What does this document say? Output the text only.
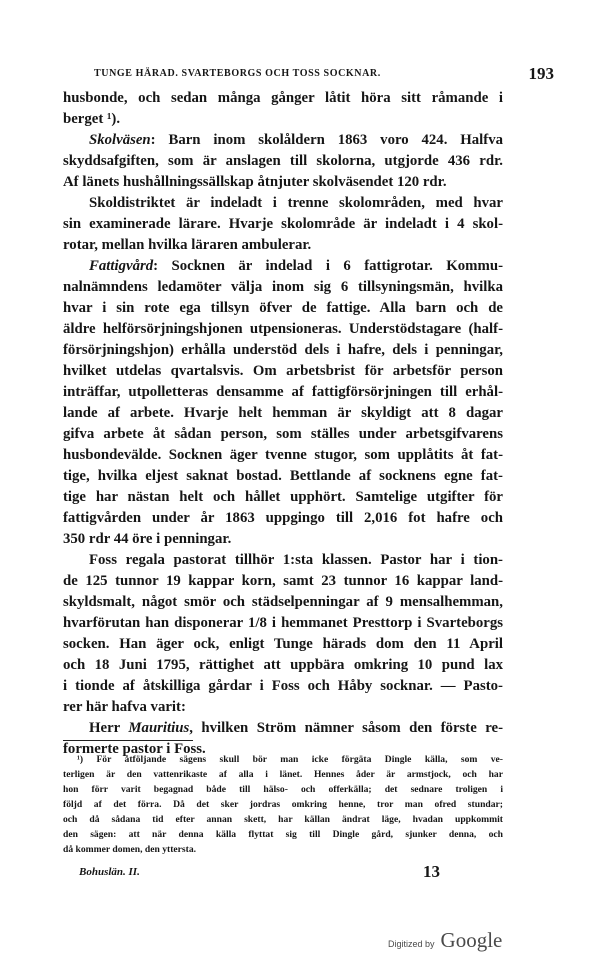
TUNGE HÄRAD. SVARTEBORGS OCH TOSS SOCKNAR.	193
husbonde, och sedan många gånger låtit höra sitt råmande i
berget ¹).
Skolväsen: Barn inom skolåldern 1863 voro 424. Halfva
skyddsafgiften, som är anslagen till skolorna, utgjorde 436 rdr.
Af länets hushållningssällskap åtnjuter skolväsendet 120 rdr.
Skoldistriktet är indeladt i trenne skolområden, med hvar
sin examinerade lärare. Hvarje skolområde är indeladt i 4 skol-
rotar, mellan hvilka läraren ambulerar.
Fattigvård: Socknen är indelad i 6 fattigrotar. Kommu-
nalnämndens ledamöter välja inom sig 6 tillsyningsmän, hvilka
hvar i sin rote ega tillsyn öfver de fattige. Alla barn och de
äldre helförsörjningshjonen utpensioneras. Understödstagare (half-
försörjningshjon) erhålla understöd dels i hafre, dels i penningar,
hvilket utdelas qvartalsvis. Om arbetsbrist för arbetsför person
inträffar, utpolletteras densamme af fattigförsörjningen till erhål-
lande af arbete. Hvarje helt hemman är skyldigt att 8 dagar
gifva arbete åt sådan person, som ställes under arbetsgifvarens
husbondevälde. Socknen äger tvenne stugor, som upplåtits åt fat-
tige, hvilka eljest saknat bostad. Bettlande af socknens egne fat-
tige har nästan helt och hållet upphört. Samtelige utgifter för
fattigvården under år 1863 uppgingo till 2,016 fot hafre och
350 rdr 44 öre i penningar.
Foss regala pastorat tillhör 1:sta klassen. Pastor har i tion-
de 125 tunnor 19 kappar korn, samt 23 tunnor 16 kappar land-
skyldsmalt, något smör och städselpenningar af 9 mensalhemman,
hvarförutan han disponerar 1/8 i hemmanet Presttorp i Svarteborgs
socken. Han äger ock, enligt Tunge härads dom den 11 April
och 18 Juni 1795, rättighet att uppbära omkring 10 pund lax
i tionde af åtskilliga gårdar i Foss och Håby socknar. — Pasto-
rer här hafva varit:
Herr Mauritius, hvilken Ström nämner såsom den förste re-
formerte pastor i Foss.
¹) För åtföljande sägens skull bör man icke förgäta Dingle källa, som ve-
terligen är den vattenrikaste af alla i länet. Hennes åder är armstjock, och har
hon förr varit begagnad både till hälso- och offerkälla; det sednare troligen i
följd af det förra. Då det sker jordras omkring henne, tror man ofred stundar;
och då sådana tid efter annan skett, har källan ändrat läge, hvadan uppkommit
den sägen: att när denna källa flyttat sig till Dingle gård, sjunker denna, och
då kommer domen, den ytterstа.
Bohuslän. II.	13
Digitized by Google
